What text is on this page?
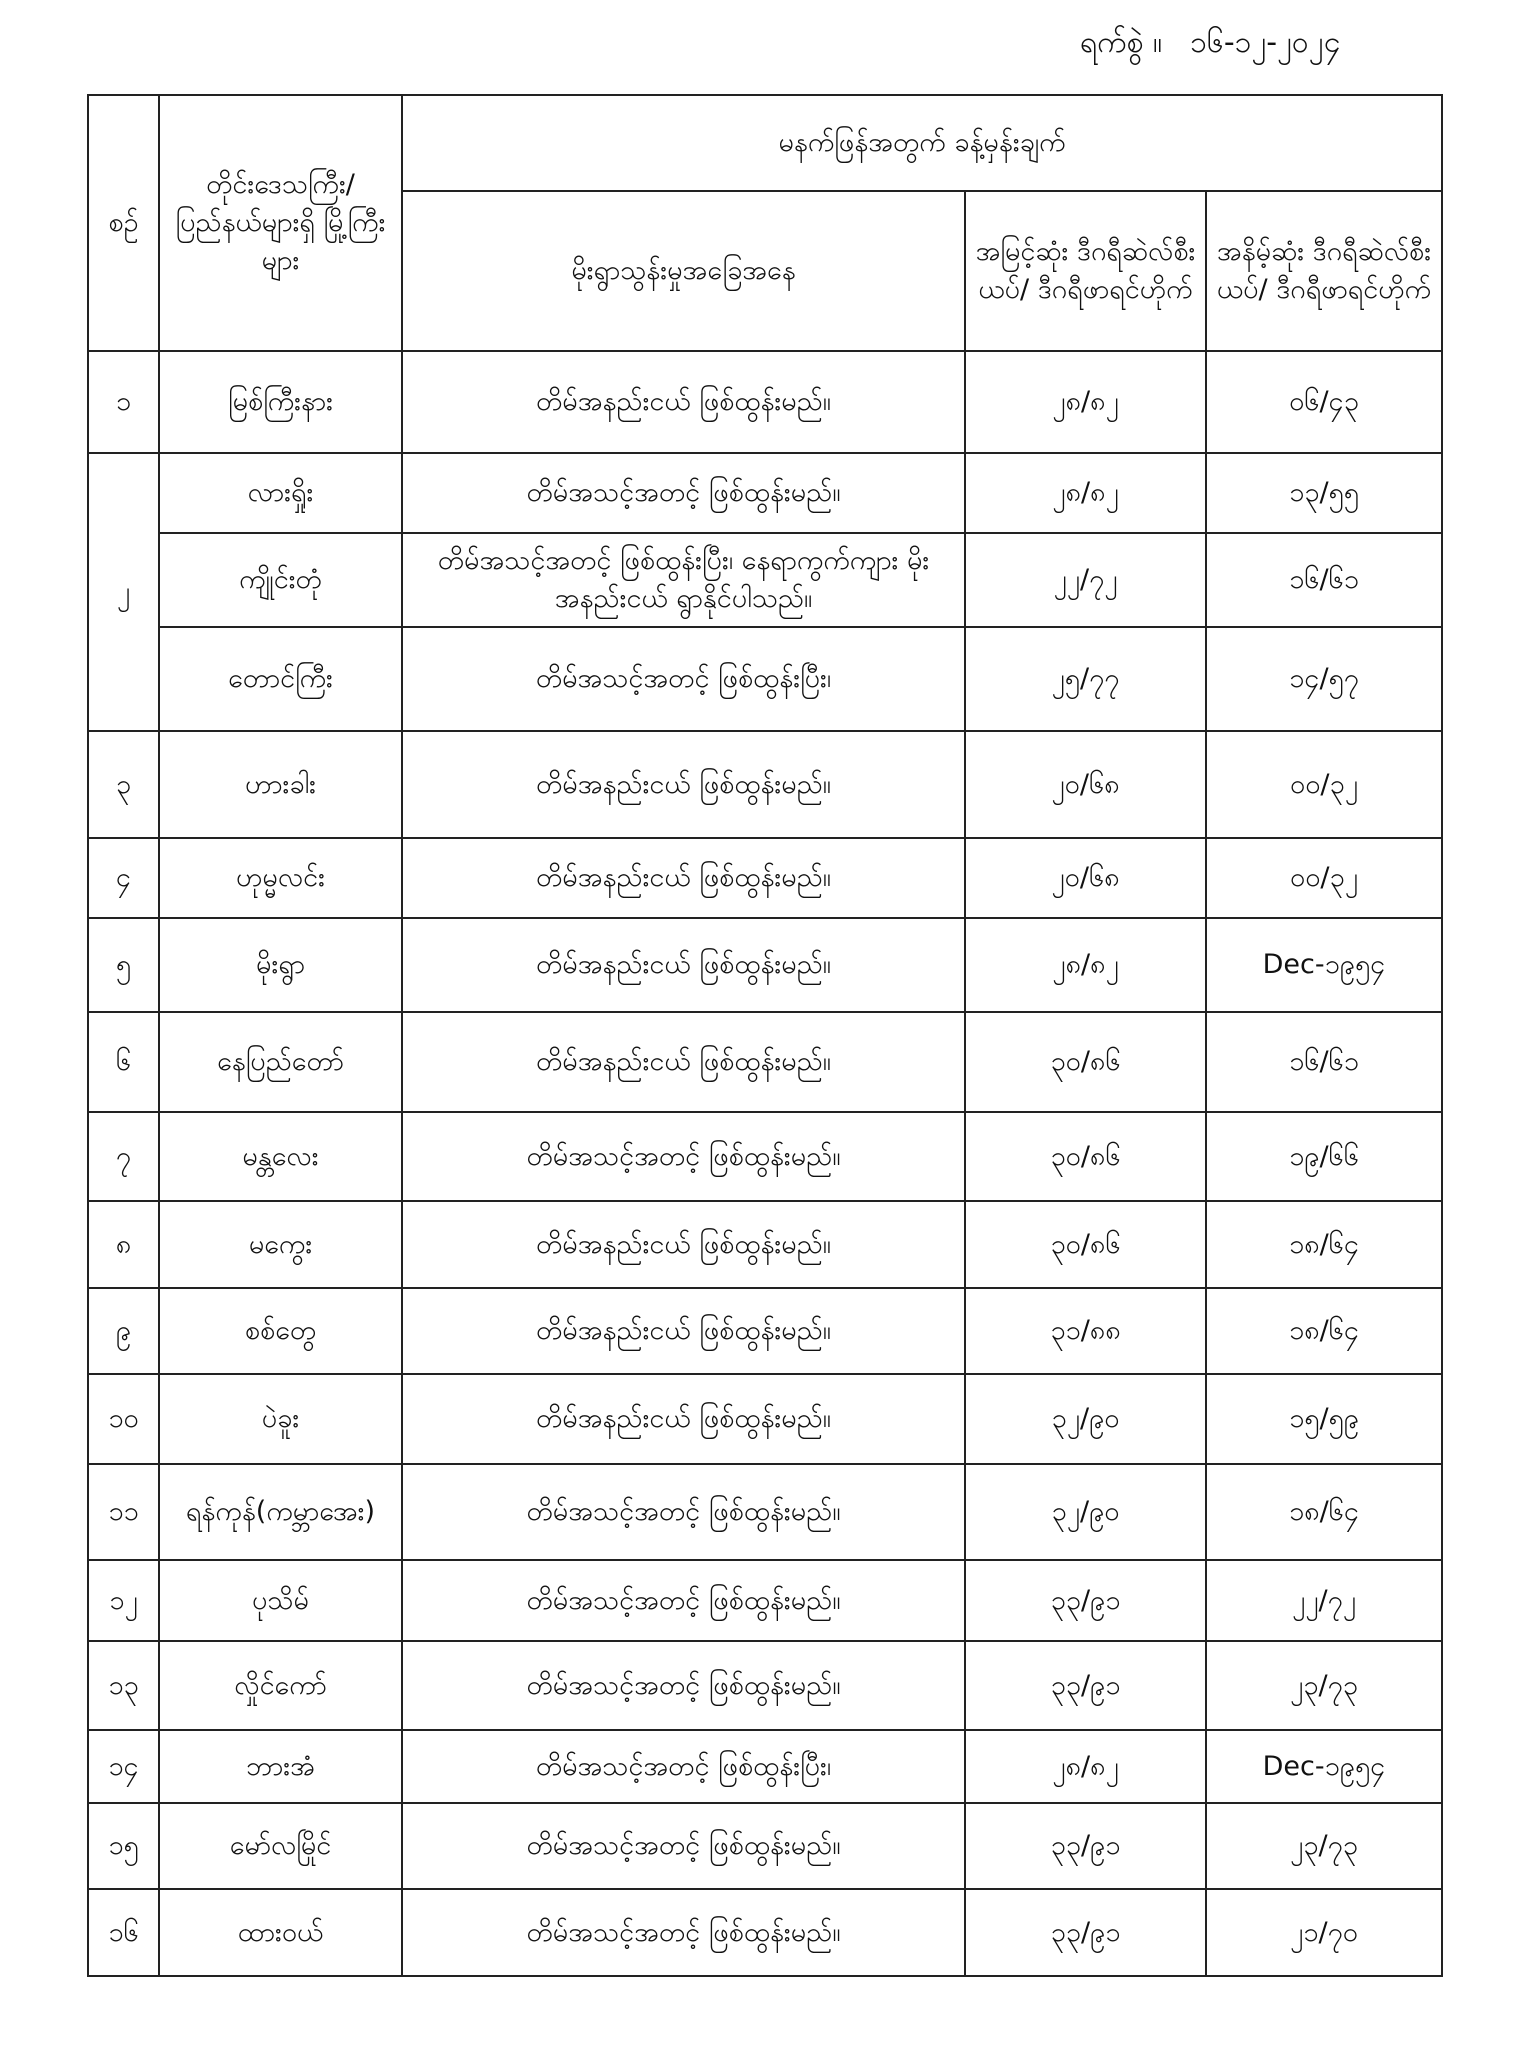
ရက်စွဲ ။ ၁၆-၁၂-၂၀၂၄
စဉ်	တိုင်းဒေသကြီး/ ပြည်နယ်များရှိ မြို့ကြီးများ	မနက်ဖြန်အတွက် ခန့်မှန်းချက်		
		မိုးရွာသွန်းမှုအခြေအနေ	အမြင့်ဆုံး ဒီဂရီဆဲလ်စီးယပ်/ ဒီဂရီဖာရင်ဟိုက်	အနိမ့်ဆုံး ဒီဂရီဆဲလ်စီးယပ်/ ဒီဂရီဖာရင်ဟိုက်
၁	မြစ်ကြီးနား	တိမ်အနည်းငယ် ဖြစ်ထွန်းမည်။	၂၈/၈၂	၀၆/၄၃
၂	လားရှိုး	တိမ်အသင့်အတင့် ဖြစ်ထွန်းမည်။	၂၈/၈၂	၁၃/၅၅
	ကျိုင်းတုံ	တိမ်အသင့်အတင့် ဖြစ်ထွန်းပြီး၊ နေရာကွက်ကျား မိုးအနည်းငယ် ရွာနိုင်ပါသည်။	၂၂/၇၂	၁၆/၆၁
	တောင်ကြီး	တိမ်အသင့်အတင့် ဖြစ်ထွန်းပြီး၊	၂၅/၇၇	၁၄/၅၇
၃	ဟားခါး	တိမ်အနည်းငယ် ဖြစ်ထွန်းမည်။	၂၀/၆၈	၀၀/၃၂
၄	ဟုမ္မလင်း	တိမ်အနည်းငယ် ဖြစ်ထွန်းမည်။	၂၀/၆၈	၀၀/၃၂
၅	မိုးရွာ	တိမ်အနည်းငယ် ဖြစ်ထွန်းမည်။	၂၈/၈၂	Dec-၁၉၅၄
၆	နေပြည်တော်	တိမ်အနည်းငယ် ဖြစ်ထွန်းမည်။	၃၀/၈၆	၁၆/၆၁
၇	မန္တလေး	တိမ်အသင့်အတင့် ဖြစ်ထွန်းမည်။	၃၀/၈၆	၁၉/၆၆
၈	မကွေး	တိမ်အနည်းငယ် ဖြစ်ထွန်းမည်။	၃၀/၈၆	၁၈/၆၄
၉	စစ်တွေ	တိမ်အနည်းငယ် ဖြစ်ထွန်းမည်။	၃၁/၈၈	၁၈/၆၄
၁၀	ပဲခူး	တိမ်အနည်းငယ် ဖြစ်ထွန်းမည်။	၃၂/၉၀	၁၅/၅၉
၁၁	ရန်ကုန်(ကမ္ဘာအေး)	တိမ်အသင့်အတင့် ဖြစ်ထွန်းမည်။	၃၂/၉၀	၁၈/၆၄
၁၂	ပုသိမ်	တိမ်အသင့်အတင့် ဖြစ်ထွန်းမည်။	၃၃/၉၁	၂၂/၇၂
၁၃	လှိုင်ကော်	တိမ်အသင့်အတင့် ဖြစ်ထွန်းမည်။	၃၃/၉၁	၂၃/၇၃
၁၄	ဘားအံ	တိမ်အသင့်အတင့် ဖြစ်ထွန်းပြီး၊	၂၈/၈၂	Dec-၁၉၅၄
၁၅	မော်လမြိုင်	တိမ်အသင့်အတင့် ဖြစ်ထွန်းမည်။	၃၃/၉၁	၂၃/၇၃
၁၆	ထားဝယ်	တိမ်အသင့်အတင့် ဖြစ်ထွန်းမည်။	၃၃/၉၁	၂၁/၇၀
